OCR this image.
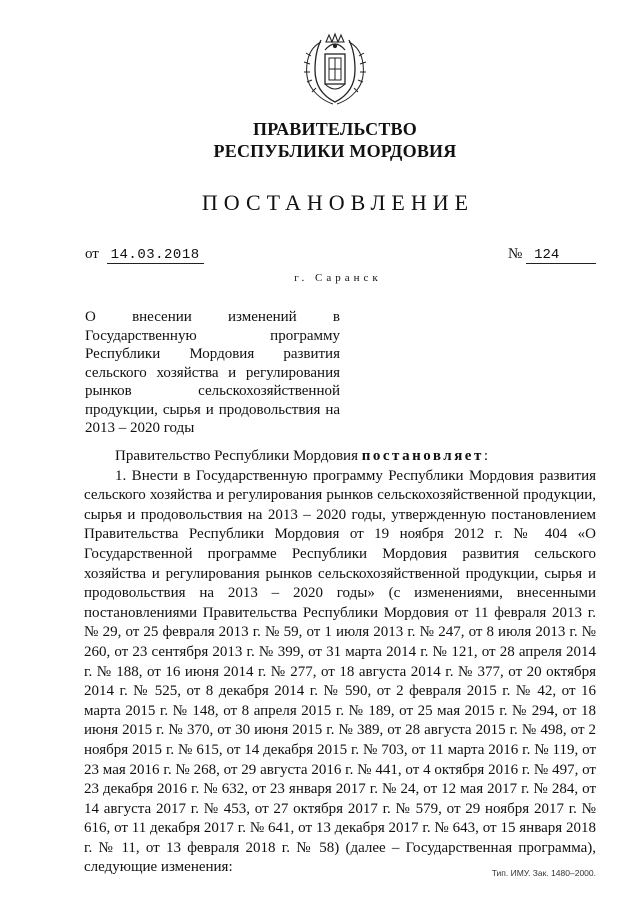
ПРАВИТЕЛЬСТВО
РЕСПУБЛИКИ МОРДОВИЯ
ПОСТАНОВЛЕНИЕ
от 14.03.2018	№ 124
г. Саранск
О внесении изменений в Государственную программу Республики Мордовия развития сельского хозяйства и регулирования рынков сельскохозяйственной продукции, сырья и продовольствия на 2013 – 2020 годы

Правительство Республики Мордовия постановляет:

1. Внести в Государственную программу Республики Мордовия развития сельского хозяйства и регулирования рынков сельскохозяйственной продукции, сырья и продовольствия на 2013 – 2020 годы, утвержденную постановлением Правительства Республики Мордовия от 19 ноября 2012 г. № 404 «О Государственной программе Республики Мордовия развития сельского хозяйства и регулирования рынков сельскохозяйственной продукции, сырья и продовольствия на 2013 – 2020 годы» (с изменениями, внесенными постановлениями Правительства Республики Мордовия от 11 февраля 2013 г. № 29, от 25 февраля 2013 г. № 59, от 1 июля 2013 г. № 247, от 8 июля 2013 г. № 260, от 23 сентября 2013 г. № 399, от 31 марта 2014 г. № 121, от 28 апреля 2014 г. № 188, от 16 июня 2014 г. № 277, от 18 августа 2014 г. № 377, от 20 октября 2014 г. № 525, от 8 декабря 2014 г. № 590, от 2 февраля 2015 г. № 42, от 16 марта 2015 г. № 148, от 8 апреля 2015 г. № 189, от 25 мая 2015 г. № 294, от 18 июня 2015 г. № 370, от 30 июня 2015 г. № 389, от 28 августа 2015 г. № 498, от 2 ноября 2015 г. № 615, от 14 декабря 2015 г. № 703, от 11 марта 2016 г. № 119, от 23 мая 2016 г. № 268, от 29 августа 2016 г. № 441, от 4 октября 2016 г. № 497, от 23 декабря 2016 г. № 632, от 23 января 2017 г. № 24, от 12 мая 2017 г. № 284, от 14 августа 2017 г. № 453, от 27 октября 2017 г. № 579, от 29 ноября 2017 г. № 616, от 11 декабря 2017 г. № 641, от 13 декабря 2017 г. № 643, от 15 января 2018 г. № 11, от 13 февраля 2018 г. № 58) (далее – Государственная программа), следующие изменения:	Тип. ИМУ. Зак. 1480–2000.
